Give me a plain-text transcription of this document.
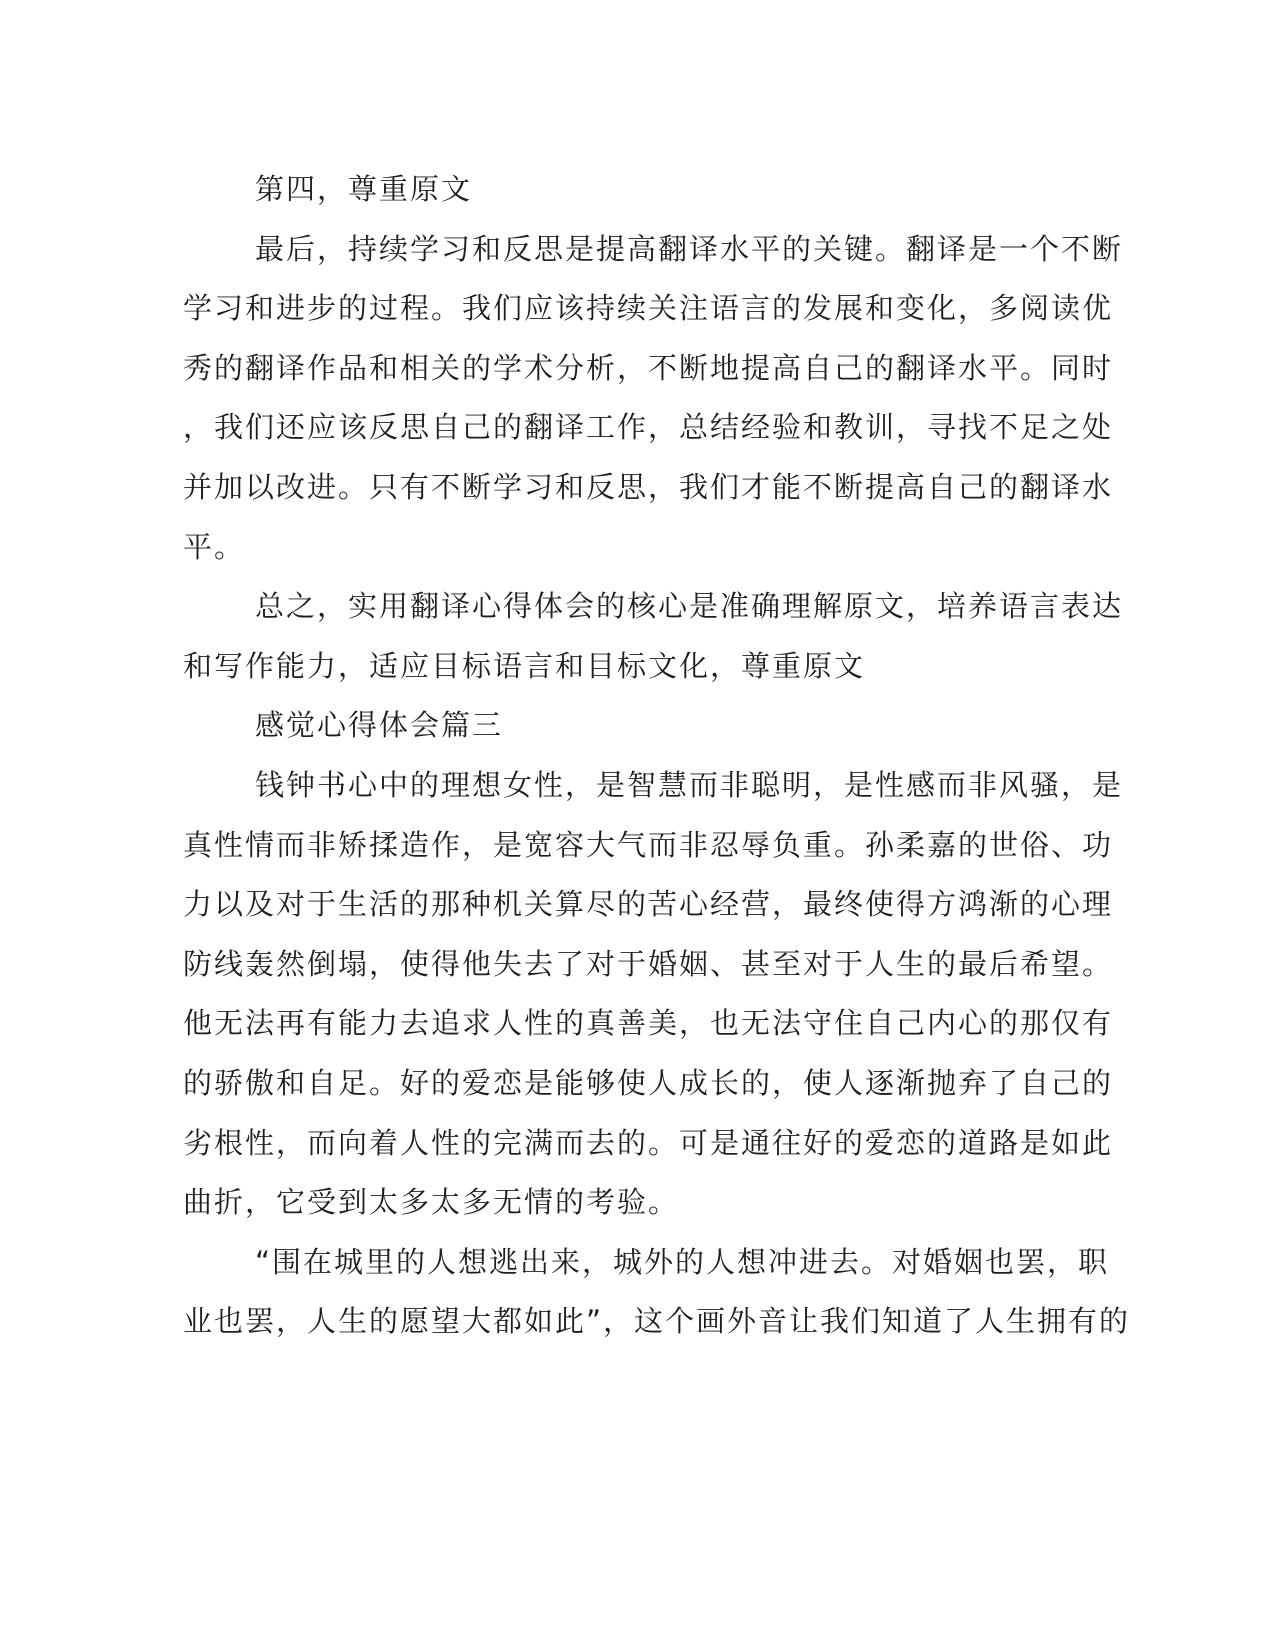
第四，尊重原文
最后，持续学习和反思是提高翻译水平的关键。翻译是一个不断
学习和进步的过程。我们应该持续关注语言的发展和变化，多阅读优
秀的翻译作品和相关的学术分析，不断地提高自己的翻译水平。同时
，我们还应该反思自己的翻译工作，总结经验和教训，寻找不足之处
并加以改进。只有不断学习和反思，我们才能不断提高自己的翻译水
平。
总之，实用翻译心得体会的核心是准确理解原文，培养语言表达
和写作能力，适应目标语言和目标文化，尊重原文
感觉心得体会篇三
钱钟书心中的理想女性，是智慧而非聪明，是性感而非风骚，是
真性情而非矫揉造作，是宽容大气而非忍辱负重。孙柔嘉的世俗、功
力以及对于生活的那种机关算尽的苦心经营，最终使得方鸿渐的心理
防线轰然倒塌，使得他失去了对于婚姻、甚至对于人生的最后希望。
他无法再有能力去追求人性的真善美，也无法守住自己内心的那仅有
的骄傲和自足。好的爱恋是能够使人成长的，使人逐渐抛弃了自己的
劣根性，而向着人性的完满而去的。可是通往好的爱恋的道路是如此
曲折，它受到太多太多无情的考验。
“围在城里的人想逃出来，城外的人想冲进去。对婚姻也罢，职
业也罢，人生的愿望大都如此”，这个画外音让我们知道了人生拥有的
